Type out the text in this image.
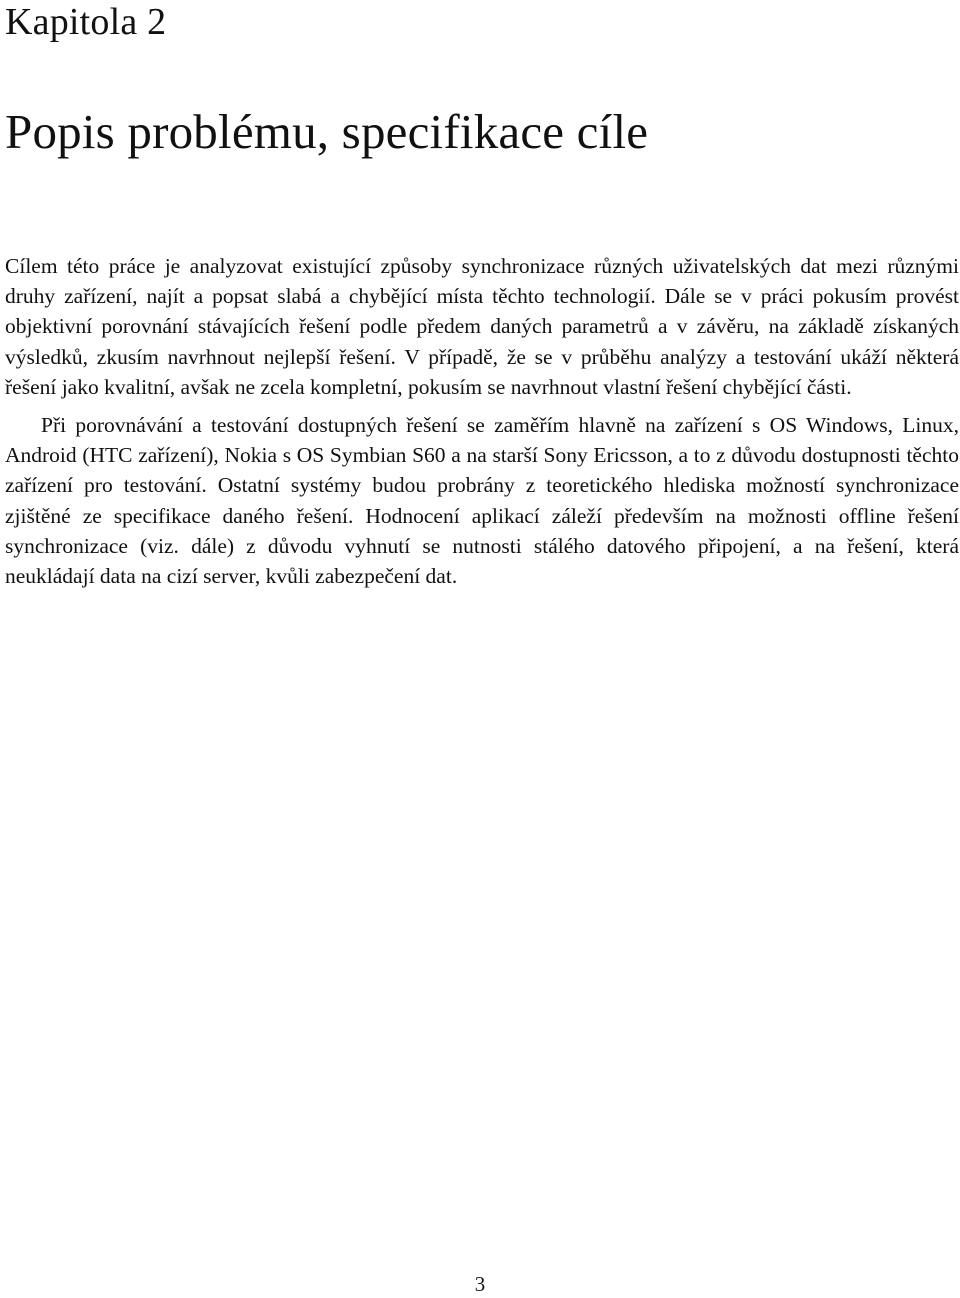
Kapitola 2
Popis problému, specifikace cíle

Cílem této práce je analyzovat existující způsoby synchronizace různých uživatelských dat mezi různými druhy zařízení, najít a popsat slabá a chybějící místa těchto technologií. Dále se v práci pokusím provést objektivní porovnání stávajících řešení podle předem daných parametrů a v závěru, na základě získaných výsledků, zkusím navrhnout nejlepší řešení. V případě, že se v průběhu analýzy a testování ukáží některá řešení jako kvalitní, avšak ne zcela kompletní, pokusím se navrhnout vlastní řešení chybějící části.

Při porovnávání a testování dostupných řešení se zaměřím hlavně na zařízení s OS Windows, Linux, Android (HTC zařízení), Nokia s OS Symbian S60 a na starší Sony Ericsson, a to z důvodu dostupnosti těchto zařízení pro testování. Ostatní systémy budou probrány z teoretického hlediska možností synchronizace zjištěné ze specifikace daného řešení. Hodnocení aplikací záleží především na možnosti offline řešení synchronizace (viz. dále) z důvodu vyhnutí se nutnosti stálého datového připojení, a na řešení, která neukládají data na cizí server, kvůli zabezpečení dat.

3
